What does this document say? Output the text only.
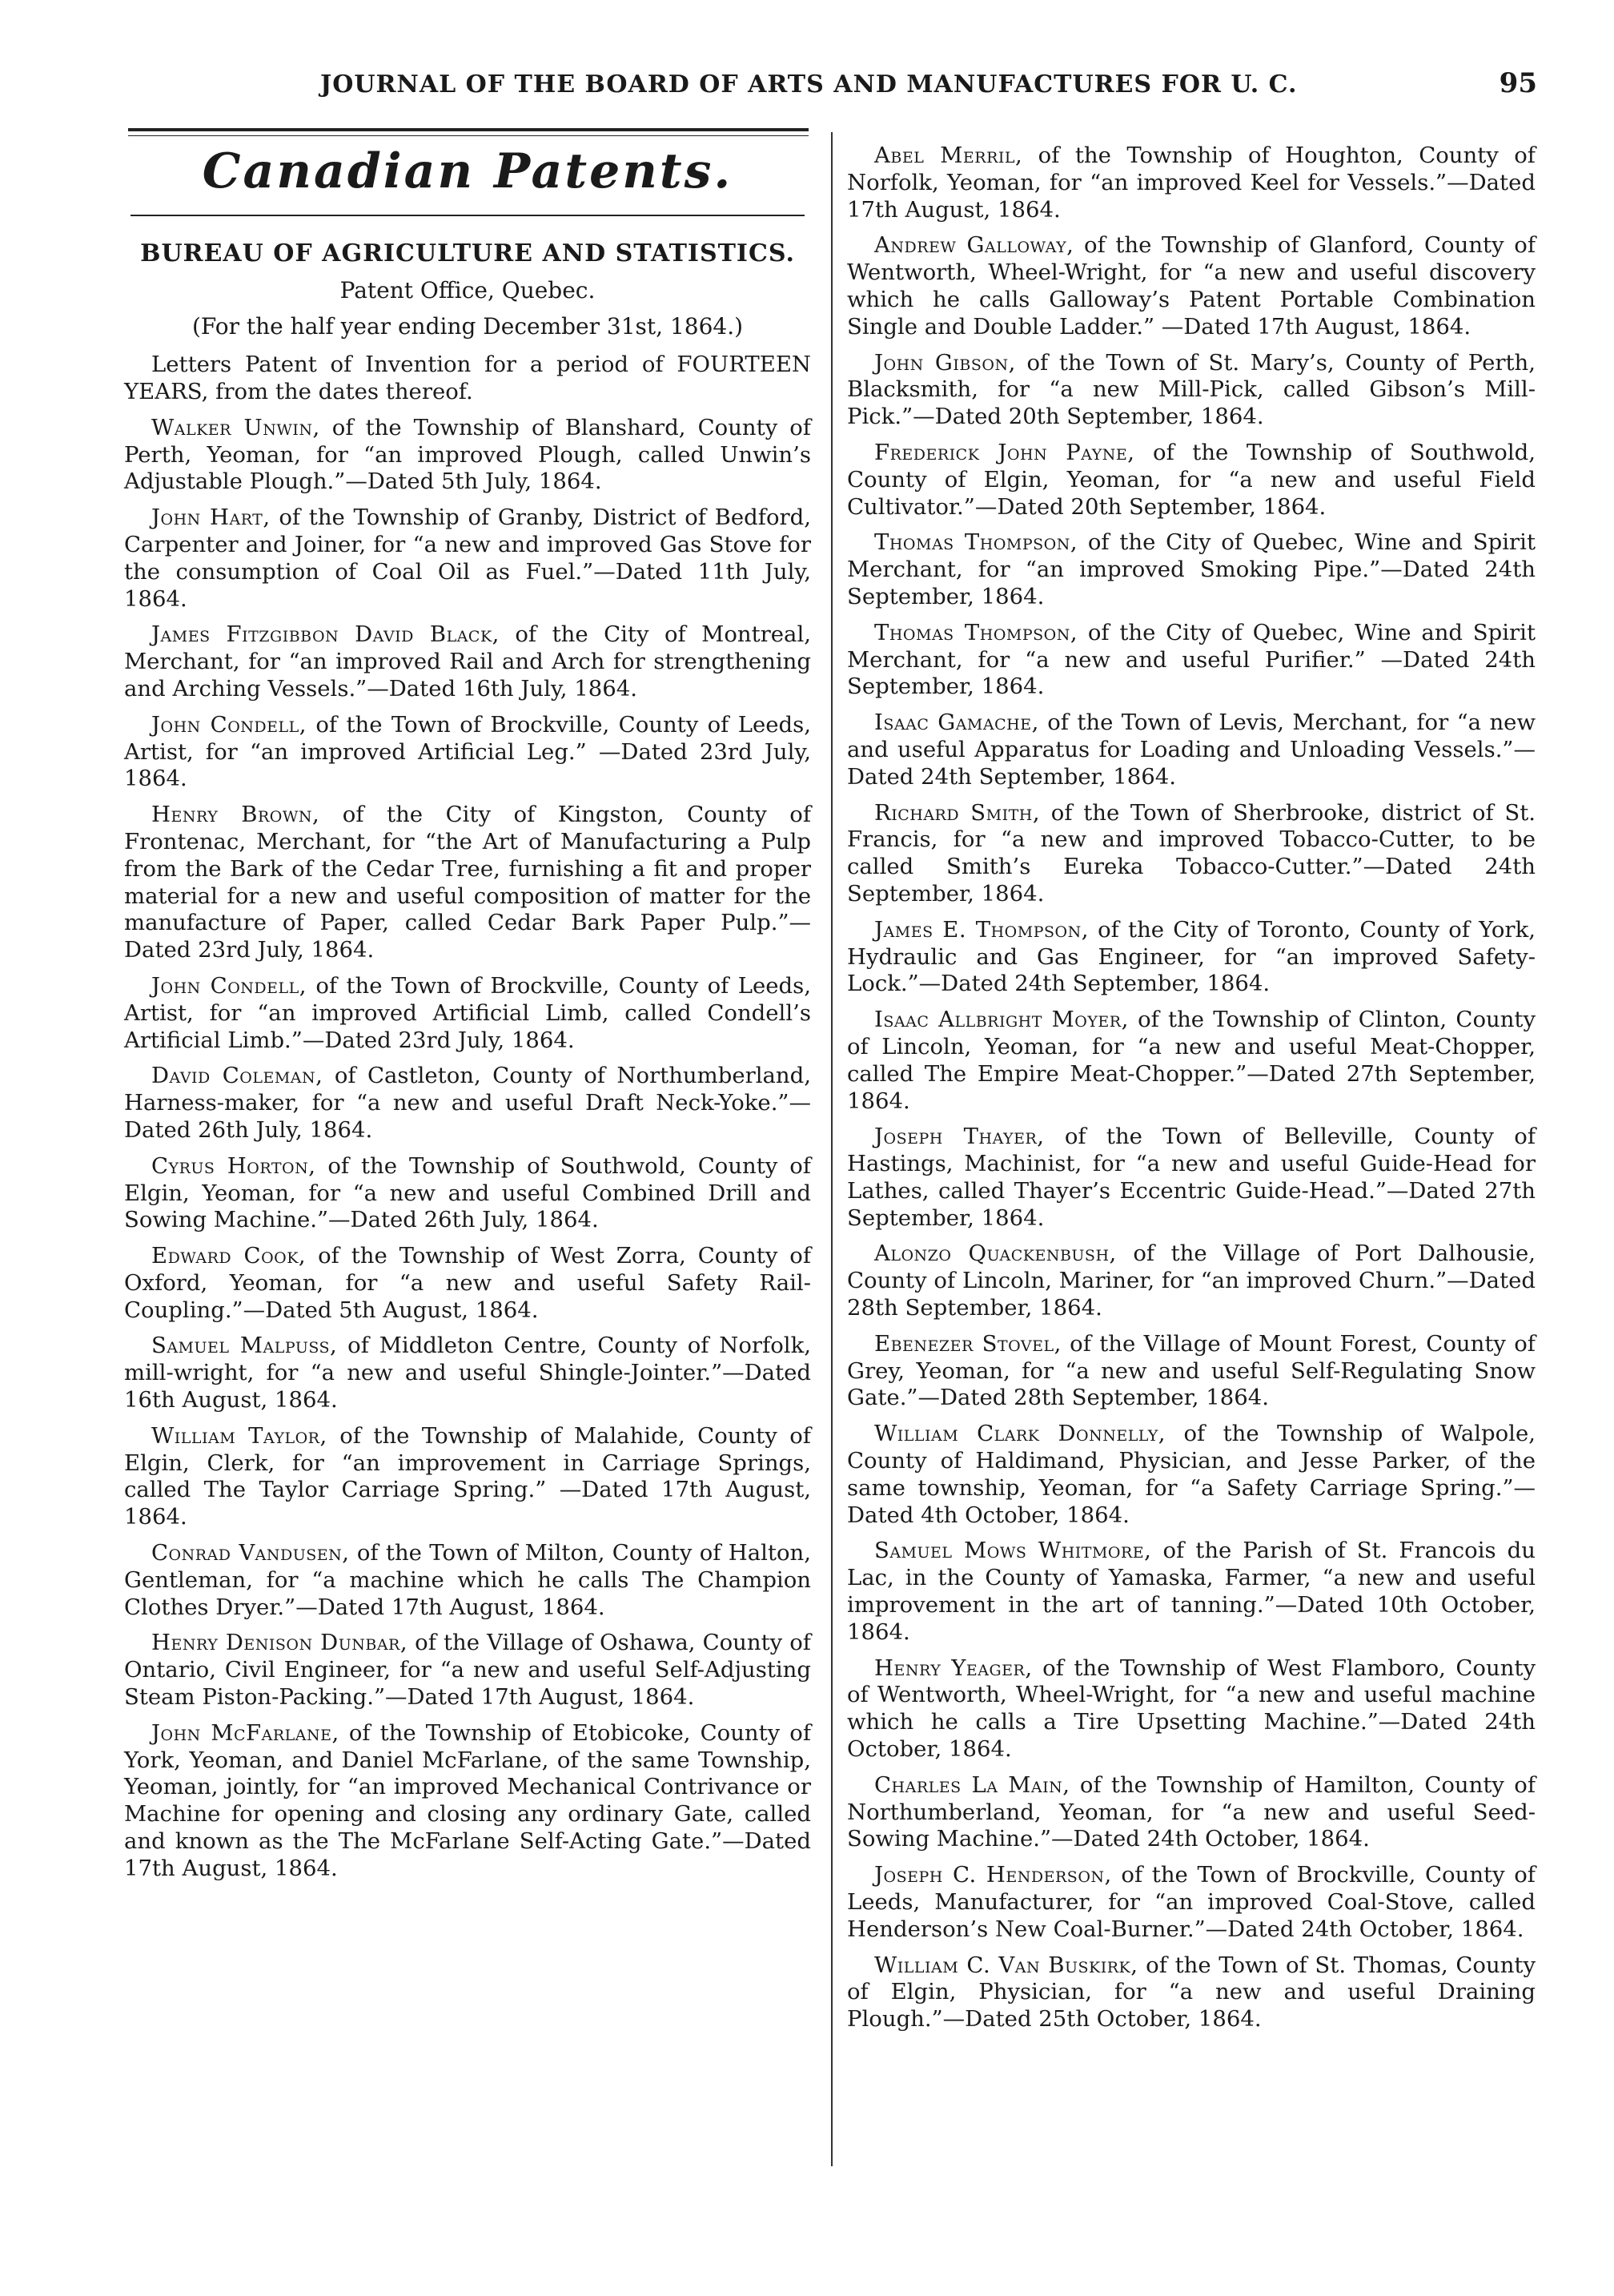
JOURNAL OF THE BOARD OF ARTS AND MANUFACTURES FOR U. C.	95
Canadian Patents.
BUREAU OF AGRICULTURE AND STATISTICS.
Patent Office, Quebec.
(For the half year ending December 31st, 1864.)

Letters Patent of Invention for a period of FOURTEEN YEARS, from the dates thereof.

Walker Unwin, of the Township of Blanshard, County of Perth, Yeoman, for “an improved Plough, called Unwin’s Adjustable Plough.”—Dated 5th July, 1864.

John Hart, of the Township of Granby, District of Bedford, Carpenter and Joiner, for “a new and improved Gas Stove for the consumption of Coal Oil as Fuel.”—Dated 11th July, 1864.

James Fitzgibbon David Black, of the City of Montreal, Merchant, for “an improved Rail and Arch for strengthening and Arching Vessels.”—Dated 16th July, 1864.

John Condell, of the Town of Brockville, County of Leeds, Artist, for “an improved Artificial Leg.” —Dated 23rd July, 1864.

Henry Brown, of the City of Kingston, County of Frontenac, Merchant, for “the Art of Manufacturing a Pulp from the Bark of the Cedar Tree, furnishing a fit and proper material for a new and useful composition of matter for the manufacture of Paper, called Cedar Bark Paper Pulp.”—Dated 23rd July, 1864.

John Condell, of the Town of Brockville, County of Leeds, Artist, for “an improved Artificial Limb, called Condell’s Artificial Limb.”—Dated 23rd July, 1864.

David Coleman, of Castleton, County of Northumberland, Harness-maker, for “a new and useful Draft Neck-Yoke.”—Dated 26th July, 1864.

Cyrus Horton, of the Township of Southwold, County of Elgin, Yeoman, for “a new and useful Combined Drill and Sowing Machine.”—Dated 26th July, 1864.

Edward Cook, of the Township of West Zorra, County of Oxford, Yeoman, for “a new and useful Safety Rail-Coupling.”—Dated 5th August, 1864.

Samuel Malpuss, of Middleton Centre, County of Norfolk, mill-wright, for “a new and useful Shingle-Jointer.”—Dated 16th August, 1864.

William Taylor, of the Township of Malahide, County of Elgin, Clerk, for “an improvement in Carriage Springs, called The Taylor Carriage Spring.” —Dated 17th August, 1864.

Conrad Vandusen, of the Town of Milton, County of Halton, Gentleman, for “a machine which he calls The Champion Clothes Dryer.”—Dated 17th August, 1864.

Henry Denison Dunbar, of the Village of Oshawa, County of Ontario, Civil Engineer, for “a new and useful Self-Adjusting Steam Piston-Packing.”—Dated 17th August, 1864.

John McFarlane, of the Township of Etobicoke, County of York, Yeoman, and Daniel McFarlane, of the same Township, Yeoman, jointly, for “an improved Mechanical Contrivance or Machine for opening and closing any ordinary Gate, called and known as the The McFarlane Self-Acting Gate.”—Dated 17th August, 1864.

Abel Merril, of the Township of Houghton, County of Norfolk, Yeoman, for “an improved Keel for Vessels.”—Dated 17th August, 1864.

Andrew Galloway, of the Township of Glanford, County of Wentworth, Wheel-Wright, for “a new and useful discovery which he calls Galloway’s Patent Portable Combination Single and Double Ladder.” —Dated 17th August, 1864.

John Gibson, of the Town of St. Mary’s, County of Perth, Blacksmith, for “a new Mill-Pick, called Gibson’s Mill-Pick.”—Dated 20th September, 1864.

Frederick John Payne, of the Township of Southwold, County of Elgin, Yeoman, for “a new and useful Field Cultivator.”—Dated 20th September, 1864.

Thomas Thompson, of the City of Quebec, Wine and Spirit Merchant, for “an improved Smoking Pipe.”—Dated 24th September, 1864.

Thomas Thompson, of the City of Quebec, Wine and Spirit Merchant, for “a new and useful Purifier.” —Dated 24th September, 1864.

Isaac Gamache, of the Town of Levis, Merchant, for “a new and useful Apparatus for Loading and Unloading Vessels.”—Dated 24th September, 1864.

Richard Smith, of the Town of Sherbrooke, district of St. Francis, for “a new and improved Tobacco-Cutter, to be called Smith’s Eureka Tobacco-Cutter.”—Dated 24th September, 1864.

James E. Thompson, of the City of Toronto, County of York, Hydraulic and Gas Engineer, for “an improved Safety-Lock.”—Dated 24th September, 1864.

Isaac Allbright Moyer, of the Township of Clinton, County of Lincoln, Yeoman, for “a new and useful Meat-Chopper, called The Empire Meat-Chopper.”—Dated 27th September, 1864.

Joseph Thayer, of the Town of Belleville, County of Hastings, Machinist, for “a new and useful Guide-Head for Lathes, called Thayer’s Eccentric Guide-Head.”—Dated 27th September, 1864.

Alonzo Quackenbush, of the Village of Port Dalhousie, County of Lincoln, Mariner, for “an improved Churn.”—Dated 28th September, 1864.

Ebenezer Stovel, of the Village of Mount Forest, County of Grey, Yeoman, for “a new and useful Self-Regulating Snow Gate.”—Dated 28th September, 1864.

William Clark Donnelly, of the Township of Walpole, County of Haldimand, Physician, and Jesse Parker, of the same township, Yeoman, for “a Safety Carriage Spring.”—Dated 4th October, 1864.

Samuel Mows Whitmore, of the Parish of St. Francois du Lac, in the County of Yamaska, Farmer, “a new and useful improvement in the art of tanning.”—Dated 10th October, 1864.

Henry Yeager, of the Township of West Flamboro, County of Wentworth, Wheel-Wright, for “a new and useful machine which he calls a Tire Upsetting Machine.”—Dated 24th October, 1864.

Charles La Main, of the Township of Hamilton, County of Northumberland, Yeoman, for “a new and useful Seed-Sowing Machine.”—Dated 24th October, 1864.

Joseph C. Henderson, of the Town of Brockville, County of Leeds, Manufacturer, for “an improved Coal-Stove, called Henderson’s New Coal-Burner.”—Dated 24th October, 1864.

William C. Van Buskirk, of the Town of St. Thomas, County of Elgin, Physician, for “a new and useful Draining Plough.”—Dated 25th October, 1864.
